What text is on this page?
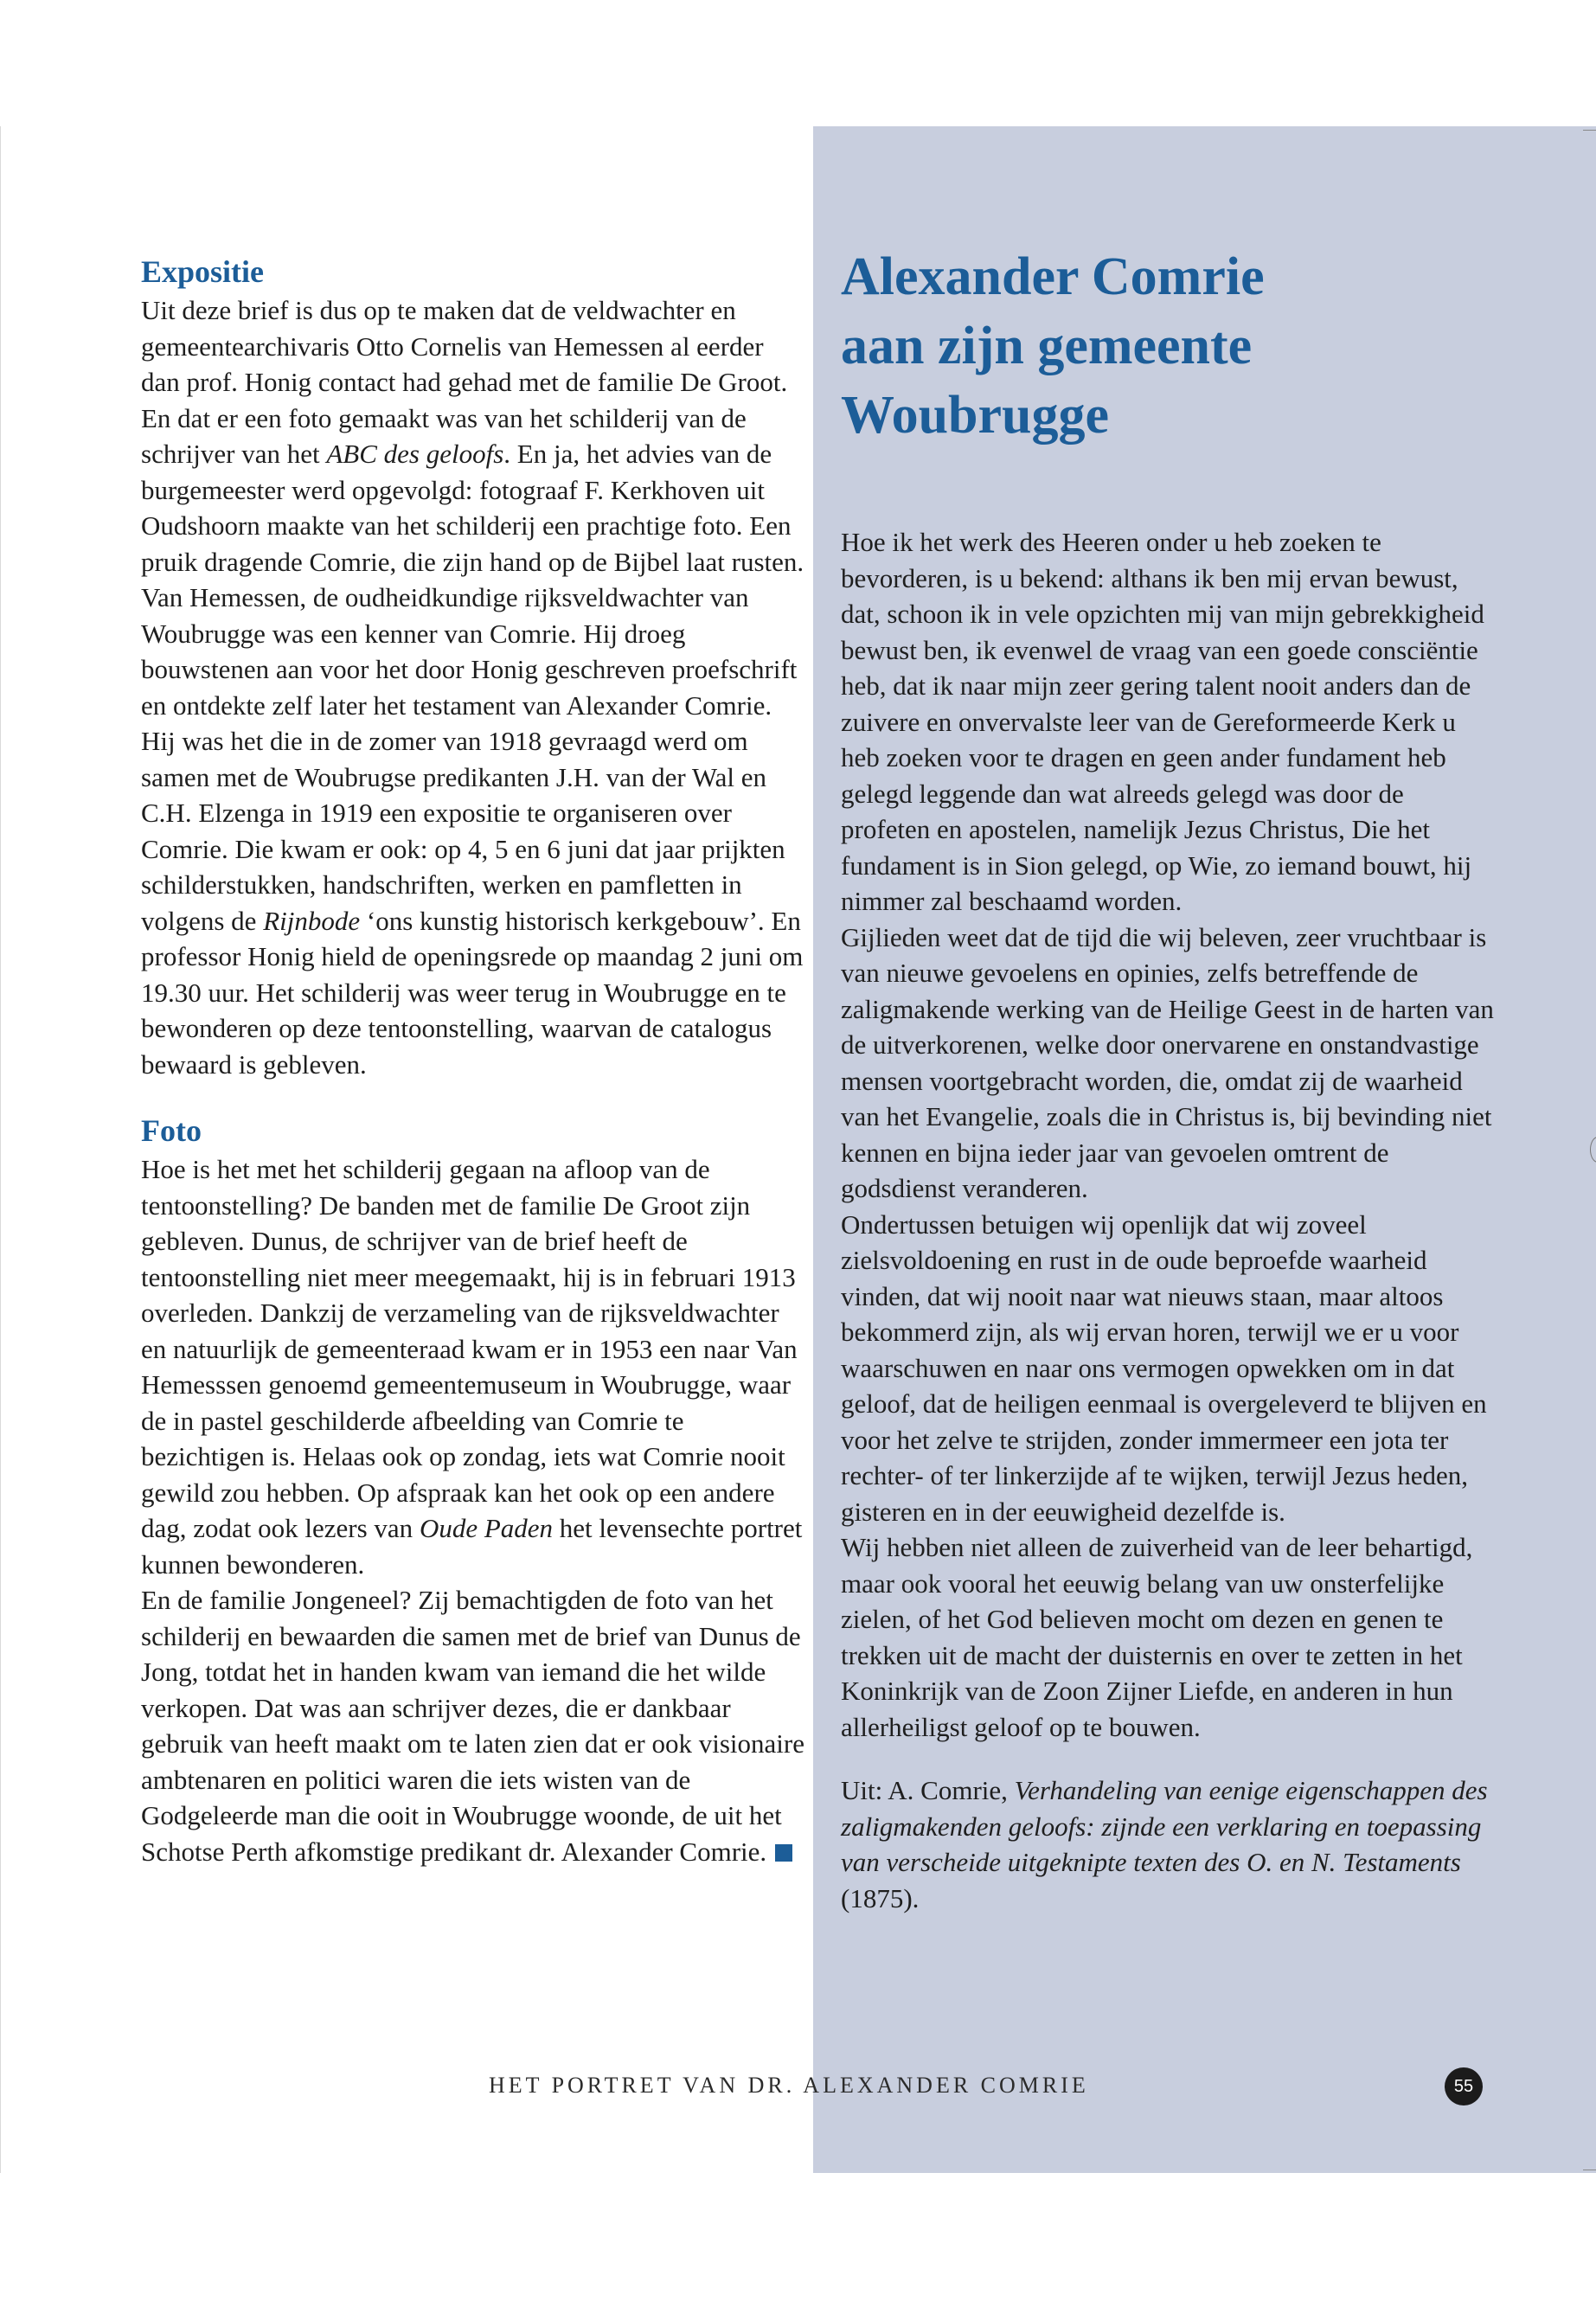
Expositie

Uit deze brief is dus op te maken dat de veldwachter en gemeentearchivaris Otto Cornelis van Hemessen al eerder dan prof. Honig contact had gehad met de familie De Groot. En dat er een foto gemaakt was van het schilderij van de schrijver van het ABC des geloofs. En ja, het advies van de burgemeester werd opgevolgd: fotograaf F. Kerkhoven uit Oudshoorn maakte van het schilderij een prachtige foto. Een pruik dragende Comrie, die zijn hand op de Bijbel laat rusten.

Van Hemessen, de oudheidkundige rijksveldwachter van Woubrugge was een kenner van Comrie. Hij droeg bouwstenen aan voor het door Honig geschreven proefschrift en ontdekte zelf later het testament van Alexander Comrie. Hij was het die in de zomer van 1918 gevraagd werd om samen met de Woubrugse predikanten J.H. van der Wal en C.H. Elzenga in 1919 een expositie te organiseren over Comrie. Die kwam er ook: op 4, 5 en 6 juni dat jaar prijkten schilderstukken, handschriften, werken en pamfletten in volgens de Rijnbode ‘ons kunstig historisch kerkgebouw’. En professor Honig hield de openingsrede op maandag 2 juni om 19.30 uur. Het schilderij was weer terug in Woubrugge en te bewonderen op deze tentoonstelling, waarvan de catalogus bewaard is gebleven.

Foto

Hoe is het met het schilderij gegaan na afloop van de tentoonstelling? De banden met de familie De Groot zijn gebleven. Dunus, de schrijver van de brief heeft de tentoonstelling niet meer meegemaakt, hij is in februari 1913 overleden. Dankzij de verzameling van de rijksveldwachter en natuurlijk de gemeenteraad kwam er in 1953 een naar Van Hemesssen genoemd gemeentemuseum in Woubrugge, waar de in pastel geschilderde afbeelding van Comrie te bezichtigen is. Helaas ook op zondag, iets wat Comrie nooit gewild zou hebben. Op afspraak kan het ook op een andere dag, zodat ook lezers van Oude Paden het levensechte portret kunnen bewonderen.

En de familie Jongeneel? Zij bemachtigden de foto van het schilderij en bewaarden die samen met de brief van Dunus de Jong, totdat het in handen kwam van iemand die het wilde verkopen. Dat was aan schrijver dezes, die er dankbaar gebruik van heeft maakt om te laten zien dat er ook visionaire ambtenaren en politici waren die iets wisten van de Godgeleerde man die ooit in Woubrugge woonde, de uit het Schotse Perth afkomstige predikant dr. Alexander Comrie.

Alexander Comrie
aan zijn gemeente
Woubrugge

Hoe ik het werk des Heeren onder u heb zoeken te bevorderen, is u bekend: althans ik ben mij ervan bewust, dat, schoon ik in vele opzichten mij van mijn gebrekkigheid bewust ben, ik evenwel de vraag van een goede consciëntie heb, dat ik naar mijn zeer gering talent nooit anders dan de zuivere en onvervalste leer van de Gereformeerde Kerk u heb zoeken voor te dragen en geen ander fundament heb gelegd leggende dan wat alreeds gelegd was door de profeten en apostelen, namelijk Jezus Christus, Die het fundament is in Sion gelegd, op Wie, zo iemand bouwt, hij nimmer zal beschaamd worden.

Gijlieden weet dat de tijd die wij beleven, zeer vruchtbaar is van nieuwe gevoelens en opinies, zelfs betreffende de zaligmakende werking van de Heilige Geest in de harten van de uitverkorenen, welke door onervarene en onstandvastige mensen voortgebracht worden, die, omdat zij de waarheid van het Evangelie, zoals die in Christus is, bij bevinding niet kennen en bijna ieder jaar van gevoelen omtrent de godsdienst veranderen.

Ondertussen betuigen wij openlijk dat wij zoveel zielsvoldoening en rust in de oude beproefde waarheid vinden, dat wij nooit naar wat nieuws staan, maar altoos bekommerd zijn, als wij ervan horen, terwijl we er u voor waarschuwen en naar ons vermogen opwekken om in dat geloof, dat de heiligen eenmaal is overgeleverd te blijven en voor het zelve te strijden, zonder immermeer een jota ter rechter- of ter linkerzijde af te wijken, terwijl Jezus heden, gisteren en in der eeuwigheid dezelfde is.

Wij hebben niet alleen de zuiverheid van de leer behartigd, maar ook vooral het eeuwig belang van uw onsterfelijke zielen, of het God believen mocht om dezen en genen te trekken uit de macht der duisternis en over te zetten in het Koninkrijk van de Zoon Zijner Liefde, en anderen in hun allerheiligst geloof op te bouwen.

Uit: A. Comrie, Verhandeling van eenige eigenschappen des zaligmakenden geloofs: zijnde een verklaring en toepassing van verscheide uitgeknipte texten des O. en N. Testaments (1875).

HET PORTRET VAN DR. ALEXANDER COMRIE	55
